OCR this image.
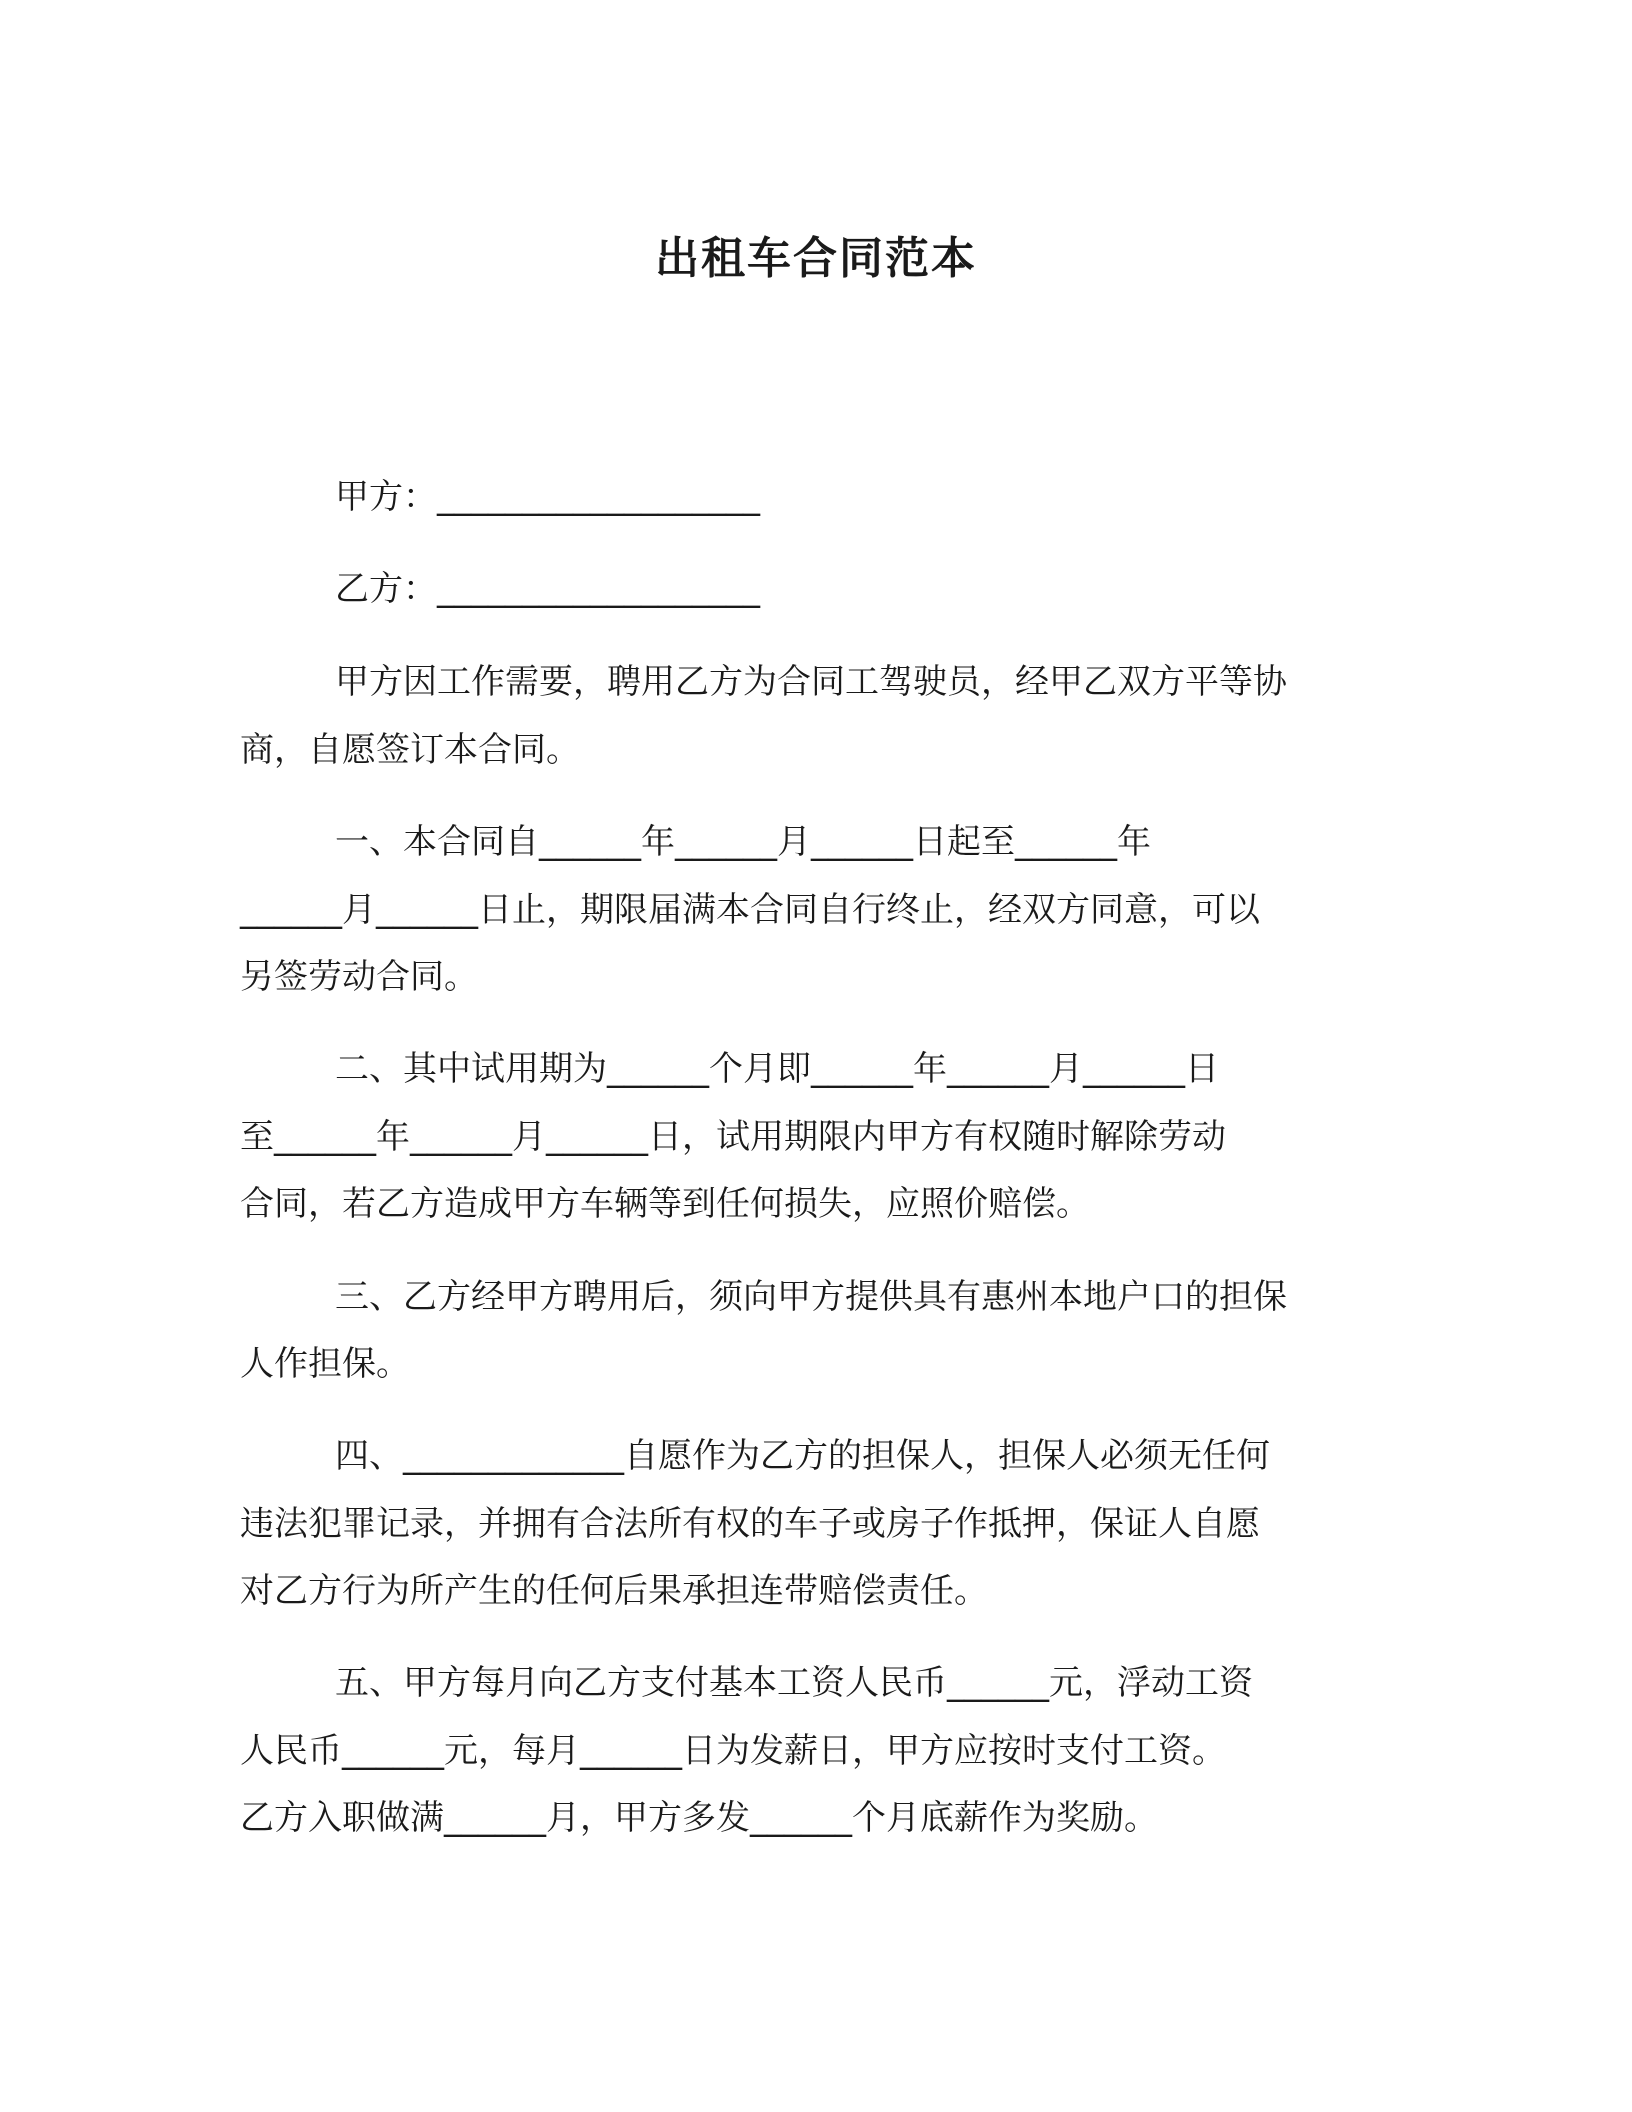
出租车合同范本

甲方：___________________

乙方：___________________

甲方因工作需要，聘用乙方为合同工驾驶员，经甲乙双方平等协

商，自愿签订本合同。

一、本合同自______年______月______日起至______年

______月______日止，期限届满本合同自行终止，经双方同意，可以

另签劳动合同。

二、其中试用期为______个月即______年______月______日

至______年______月______日，试用期限内甲方有权随时解除劳动

合同，若乙方造成甲方车辆等到任何损失，应照价赔偿。

三、乙方经甲方聘用后，须向甲方提供具有惠州本地户口的担保

人作担保。

四、_____________自愿作为乙方的担保人，担保人必须无任何

违法犯罪记录，并拥有合法所有权的车子或房子作抵押，保证人自愿

对乙方行为所产生的任何后果承担连带赔偿责任。

五、甲方每月向乙方支付基本工资人民币______元，浮动工资

人民币______元，每月______日为发薪日，甲方应按时支付工资。

乙方入职做满______月，甲方多发______个月底薪作为奖励。
